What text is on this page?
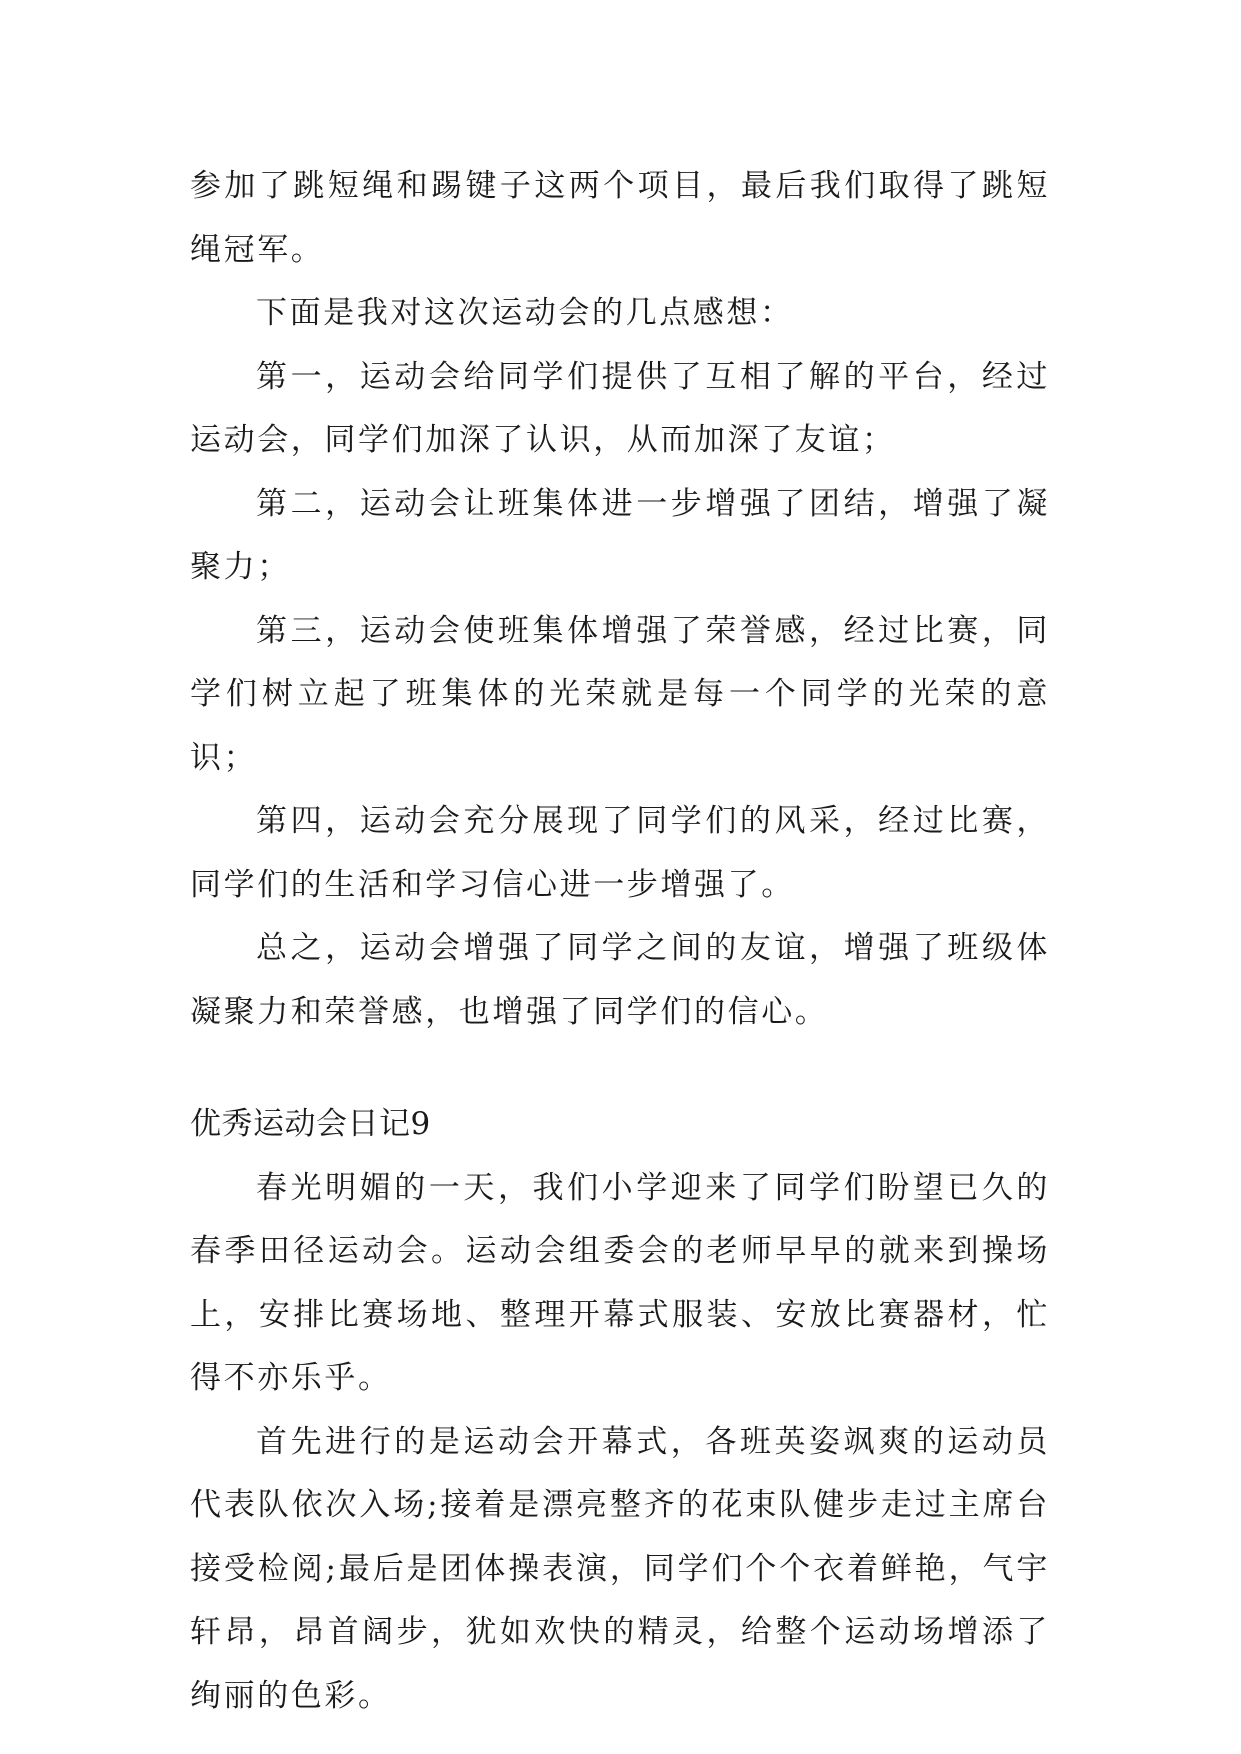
参加了跳短绳和踢键子这两个项目，最后我们取得了跳短绳冠军。

下面是我对这次运动会的几点感想：

第一，运动会给同学们提供了互相了解的平台，经过运动会，同学们加深了认识，从而加深了友谊；

第二，运动会让班集体进一步增强了团结，增强了凝聚力；

第三，运动会使班集体增强了荣誉感，经过比赛，同学们树立起了班集体的光荣就是每一个同学的光荣的意识；

第四，运动会充分展现了同学们的风采，经过比赛，同学们的生活和学习信心进一步增强了。

总之，运动会增强了同学之间的友谊，增强了班级体凝聚力和荣誉感，也增强了同学们的信心。

优秀运动会日记9

春光明媚的一天，我们小学迎来了同学们盼望已久的春季田径运动会。运动会组委会的老师早早的就来到操场上，安排比赛场地、整理开幕式服装、安放比赛器材，忙得不亦乐乎。

首先进行的是运动会开幕式，各班英姿飒爽的运动员代表队依次入场;接着是漂亮整齐的花束队健步走过主席台接受检阅;最后是团体操表演，同学们个个衣着鲜艳，气宇轩昂，昂首阔步，犹如欢快的精灵，给整个运动场增添了绚丽的色彩。
